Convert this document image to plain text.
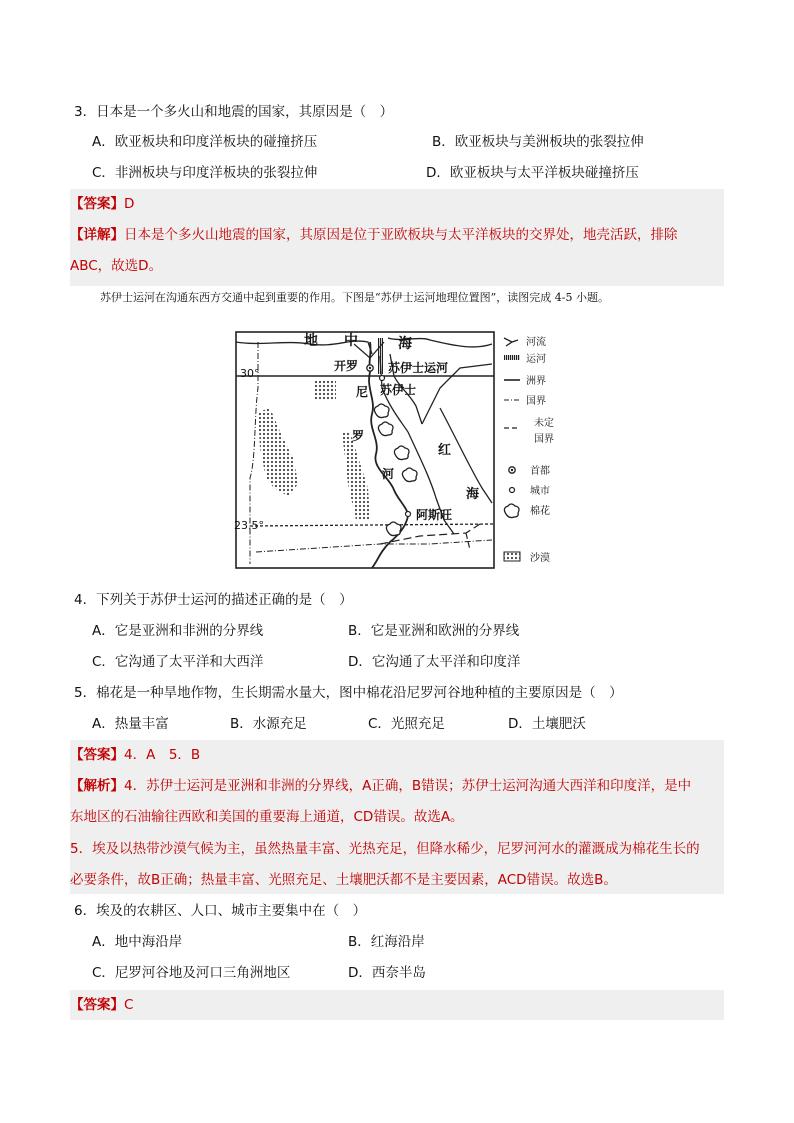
3．日本是一个多火山和地震的国家，其原因是（　）
A．欧亚板块和印度洋板块的碰撞挤压	B．欧亚板块与美洲板块的张裂拉伸
C．非洲板块与印度洋板块的张裂拉伸	D．欧亚板块与太平洋板块碰撞挤压
【答案】D
【详解】日本是个多火山地震的国家，其原因是位于亚欧板块与太平洋板块的交界处，地壳活跃，排除
ABC，故选D。
苏伊士运河在沟通东西方交通中起到重要的作用。下图是“苏伊士运河地理位置图”，读图完成 4-5 小题。
地 中	海
开罗 苏伊士运河
30°
尼 苏伊士
罗
红
河
海
阿斯旺
23.5°
河流
运河
洲界
国界
未定
国界
首都
城市
棉花
沙漠
4．下列关于苏伊士运河的描述正确的是（　）
A．它是亚洲和非洲的分界线	B．它是亚洲和欧洲的分界线
C．它沟通了太平洋和大西洋	D．它沟通了太平洋和印度洋
5．棉花是一种旱地作物，生长期需水量大，图中棉花沿尼罗河谷地种植的主要原因是（　）
A．热量丰富	B．水源充足	C．光照充足	D．土壤肥沃
【答案】4．A　5．B
【解析】4．苏伊士运河是亚洲和非洲的分界线，A正确，B错误；苏伊士运河沟通大西洋和印度洋，是中
东地区的石油输往西欧和美国的重要海上通道，CD错误。故选A。
5．埃及以热带沙漠气候为主，虽然热量丰富、光热充足，但降水稀少，尼罗河河水的灌溉成为棉花生长的
必要条件，故B正确；热量丰富、光照充足、土壤肥沃都不是主要因素，ACD错误。故选B。
6．埃及的农耕区、人口、城市主要集中在（　）
A．地中海沿岸	B．红海沿岸
C．尼罗河谷地及河口三角洲地区	D．西奈半岛
【答案】C
